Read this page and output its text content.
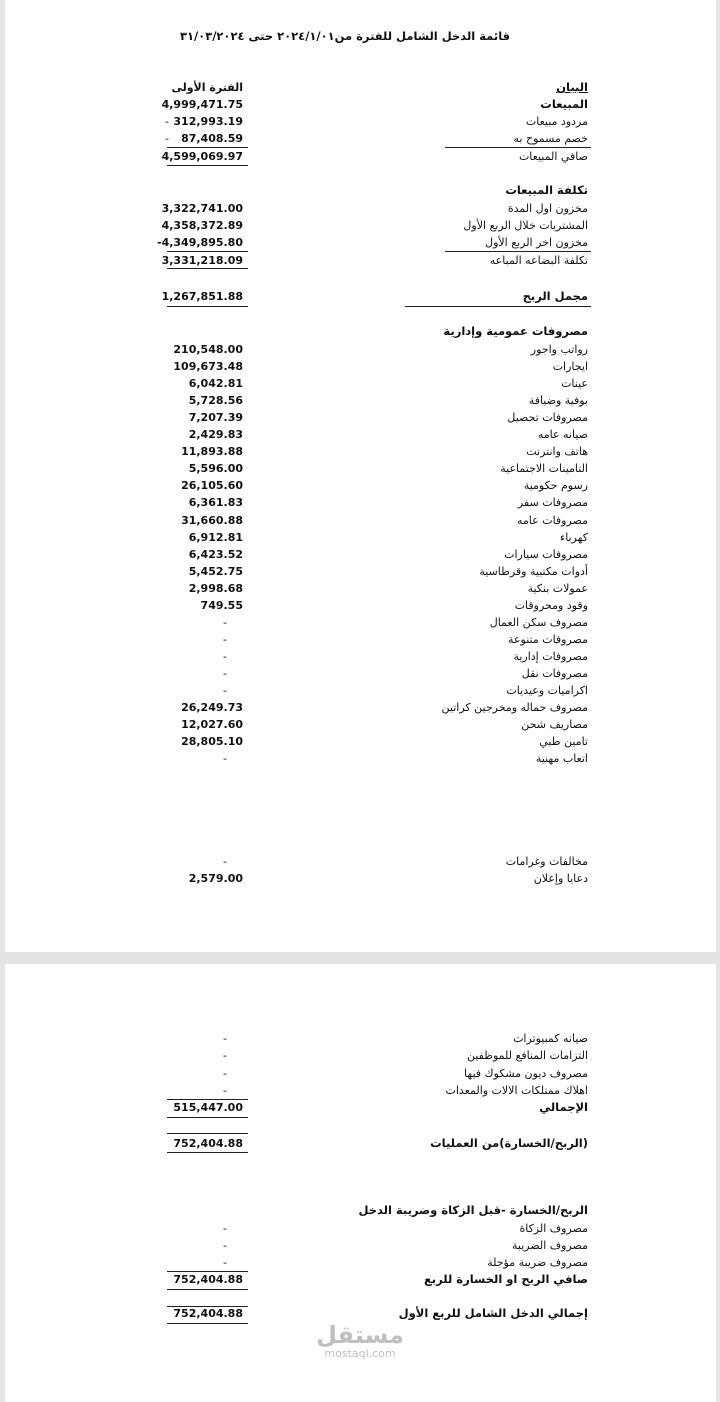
قائمة الدخل الشامل للفترة من٢٠٢٤/١/٠١ حتى ٣١/٠٣/٢٠٢٤
البيان
الفترة الأولى
المبيعات
4,999,471.75
مردود مبيعات
- 312,993.19
خصم مسموح به
-	87,408.59
صافي المبيعات
4,599,069.97
تكلفة المبيعات
مخزون اول المدة
3,322,741.00
المشتريات خلال الربع الأول
4,358,372.89
مخزون اخر الربع الأول
-4,349,895.80
تكلفة البضاعه المباعه
3,331,218.09
مجمل الربح
1,267,851.88
مصروفات عمومية وإدارية
رواتب واجور
210,548.00
ايجارات
109,673.48
عينات
6,042.81
بوفية وضيافة
5,728.56
مصروفات تحصيل
7,207.39
صيانه عامه
2,429.83
هاتف وانترنت
11,893.88
التامينات الاجتماعية
5,596.00
رسوم حكومية
26,105.60
مصروفات سفر
6,361.83
مصروفات عامه
31,660.88
كهرباء
6,912.81
مصروفات سيارات
6,423.52
أدوات مكتبية وقرطاسية
5,452.75
عمولات بنكية
2,998.68
وقود ومحروقات
749.55
مصروف سكن العمال
-
مصروفات متنوعة
-
مصروفات إدارية
-
مصروفات نقل
-
اكراميات وعيديات
-
مصروف حماله ومخرجين كراتين
26,249.73
مصاريف شحن
12,027.60
تامين طبي
28,805.10
اتعاب مهنية
-
مخالفات وغرامات
-
دعايا وإعلان
2,579.00
صيانه كمبيوترات
-
التزامات المنافع للموظفين
-
مصروف ديون مشكوك فيها
-
اهلاك ممتلكات الالات والمعدات
-
الإجمالي
515,447.00
(الربح/الخسارة)من العمليات
752,404.88
الربح/الخسارة -قبل الزكاة وضريبة الدخل
مصروف الزكاة
-
مصروف الضريبة
-
مصروف ضريبة مؤجلة
-
صافي الربح او الخسارة للربع
752,404.88
إجمالي الدخل الشامل للربع الأول
752,404.88
مستقل
mostaql.com
